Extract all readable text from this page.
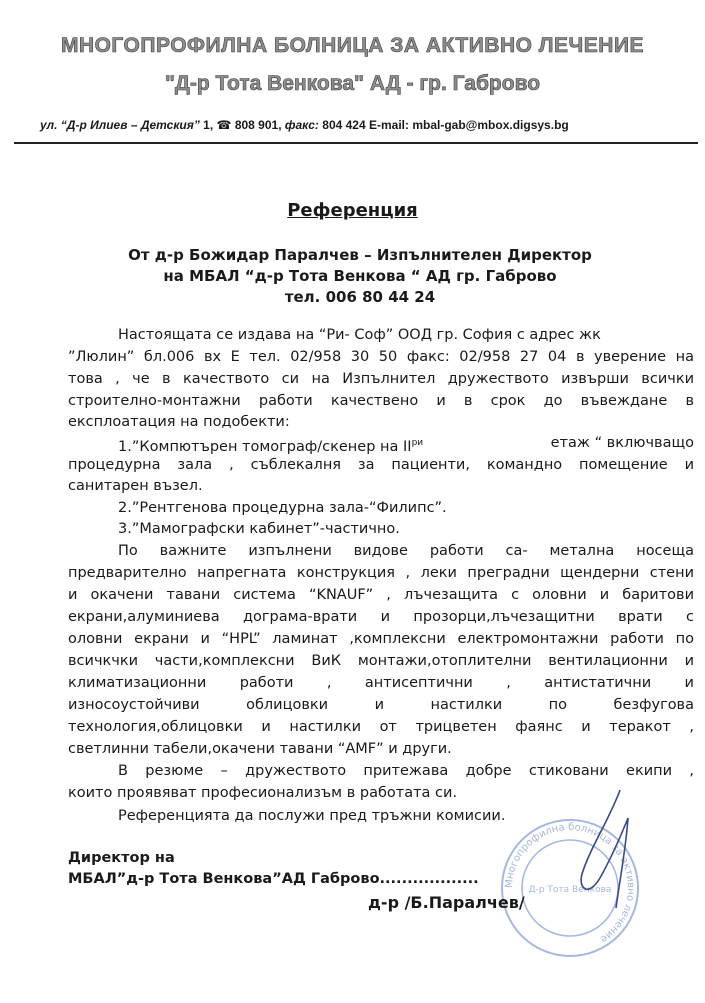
МНОГОПРОФИЛНА БОЛНИЦА ЗА АКТИВНО ЛЕЧЕНИЕ
"Д-р Тота Венкова" АД - гр. Габрово
ул. “Д-р Илиев – Детския” 1, ☎ 808 901, факс: 804 424 E-mail: mbal-gab@mbox.digsys.bg
Референция
От д-р Божидар Паралчев – Изпълнителен Директор
на МБАЛ “д-р Тота Венкова “ АД гр. Габрово
тел. 006 80 44 24
Настоящата се издава на “Ри- Соф” ООД гр. София с адрес жк
”Люлин” бл.006 вх Е тел. 02/958 30 50 факс: 02/958 27 04 в уверение на
това , че в качеството си на Изпълнител дружеството извърши всички
строително-монтажни работи качествено и в срок до въвеждане в
експлоатация на подобекти:
1.”Компютърен томограф/скенер на $II^{ри}$	етаж “ включващо
процедурна зала , съблекалня за пациенти, командно помещение и
санитарен възел.
2.”Рентгенова процедурна зала-“Филипс”.
3.”Мамографски кабинет”-частично.
По важните изпълнени видове работи са- метална носеща
предварително напрегната конструкция , леки преградни щендерни стени
и окачени тавани система “KNAUF” , лъчезащита с оловни и баритови
екрани,алуминиева дограма-врати и прозорци,лъчезащитни врати с
оловни екрани и “HPL” ламинат ,комплексни електромонтажни работи по
всичкчки части,комплексни ВиК монтажи,отоплителни вентилационни и
климатизационни работи , антисептични , антистатични и
износоустойчиви облицовки и настилки по безфугова
технология,облицовки и настилки от трицветен фаянс и теракот ,
светлинни табели,окачени тавани “AMF” и други.
В резюме – дружеството притежава добре стиковани екипи ,
които проявяват професионализъм в работата си.
Референцията да послужи пред тръжни комисии.
Многопрофилна болница за активно лечение
Д-р Тота Венкова
Директор на
МБАЛ”д-р Тота Венкова”АД Габрово..................
д-р /Б.Паралчев/
